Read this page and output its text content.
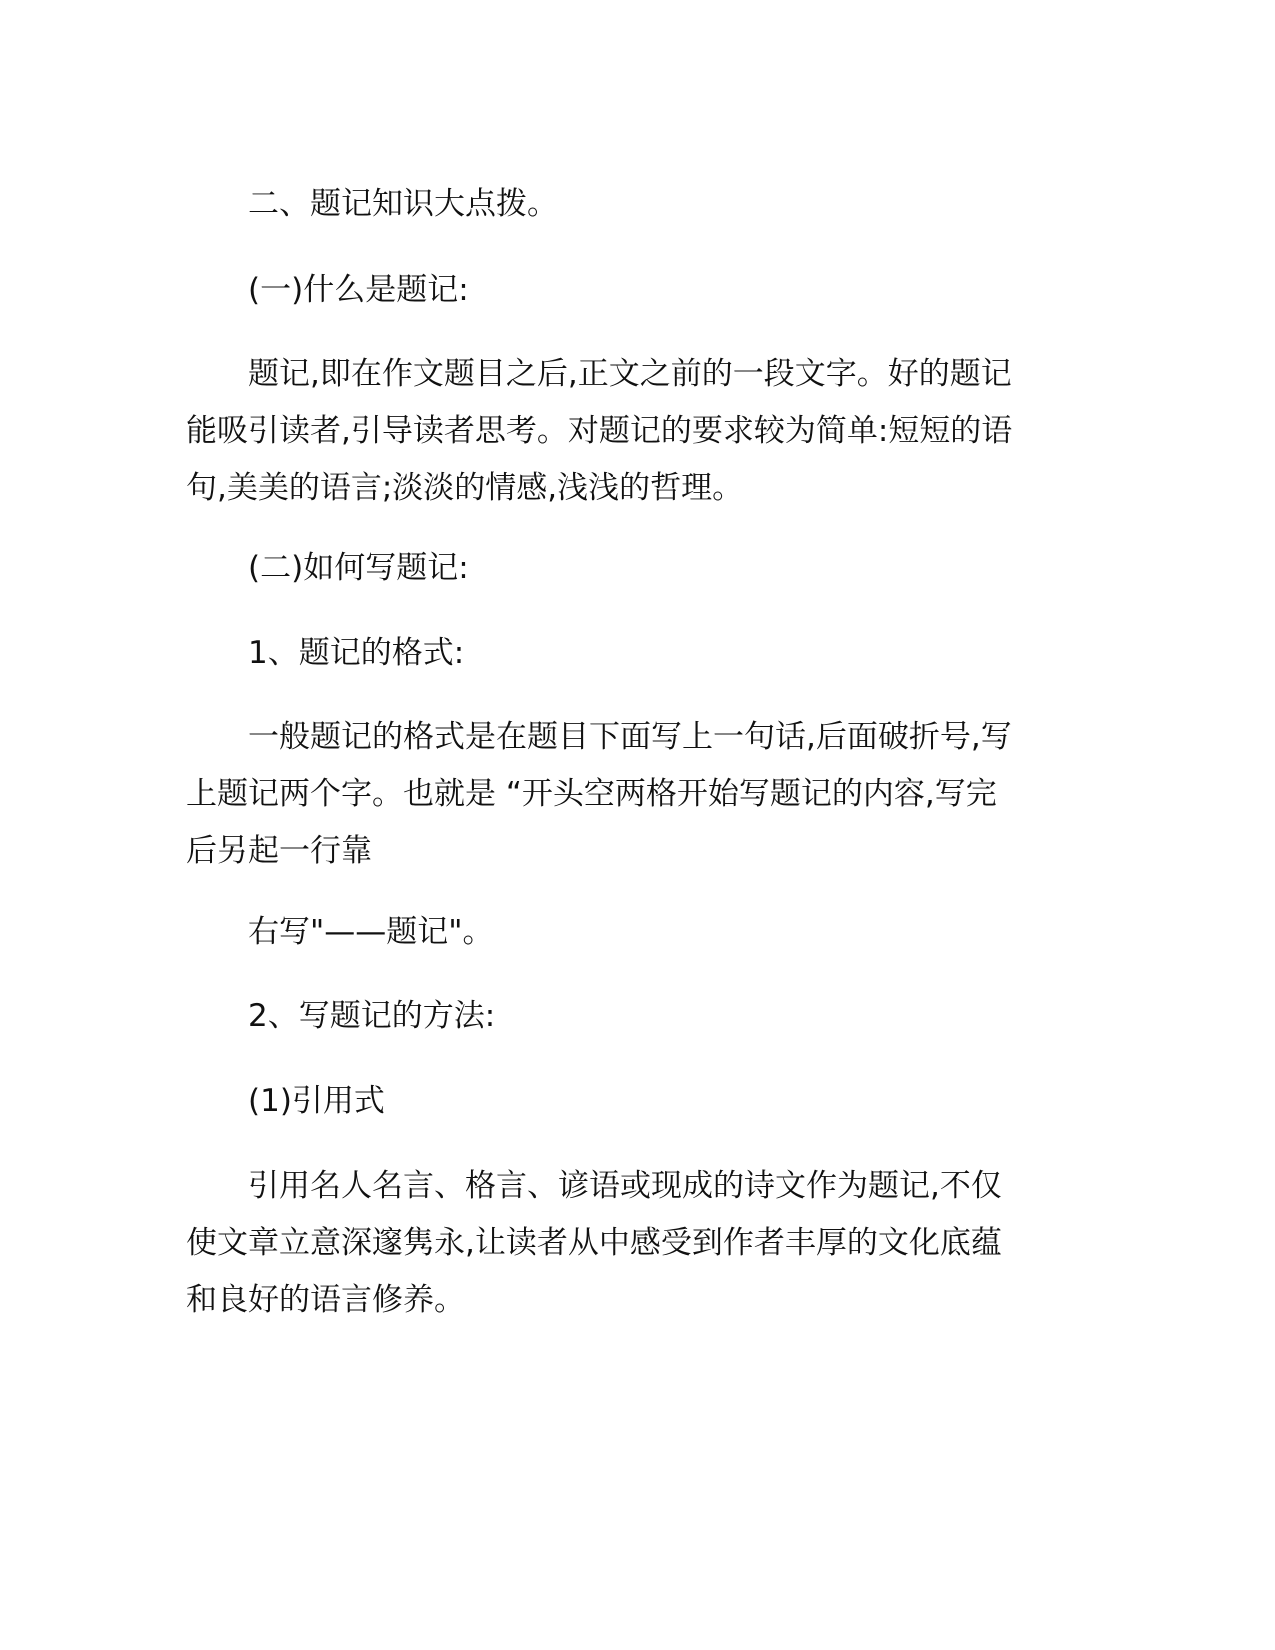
二、题记知识大点拨。

(一)什么是题记:

题记,即在作文题目之后,正文之前的一段文字。好的题记
能吸引读者,引导读者思考。对题记的要求较为简单:短短的语
句,美美的语言;淡淡的情感,浅浅的哲理。

(二)如何写题记:

1、题记的格式:

一般题记的格式是在题目下面写上一句话,后面破折号,写
上题记两个字。也就是 “开头空两格开始写题记的内容,写完
后另起一行靠

右写"——题记"。

2、写题记的方法:

(1)引用式

引用名人名言、格言、谚语或现成的诗文作为题记,不仅
使文章立意深邃隽永,让读者从中感受到作者丰厚的文化底蕴
和良好的语言修养。
